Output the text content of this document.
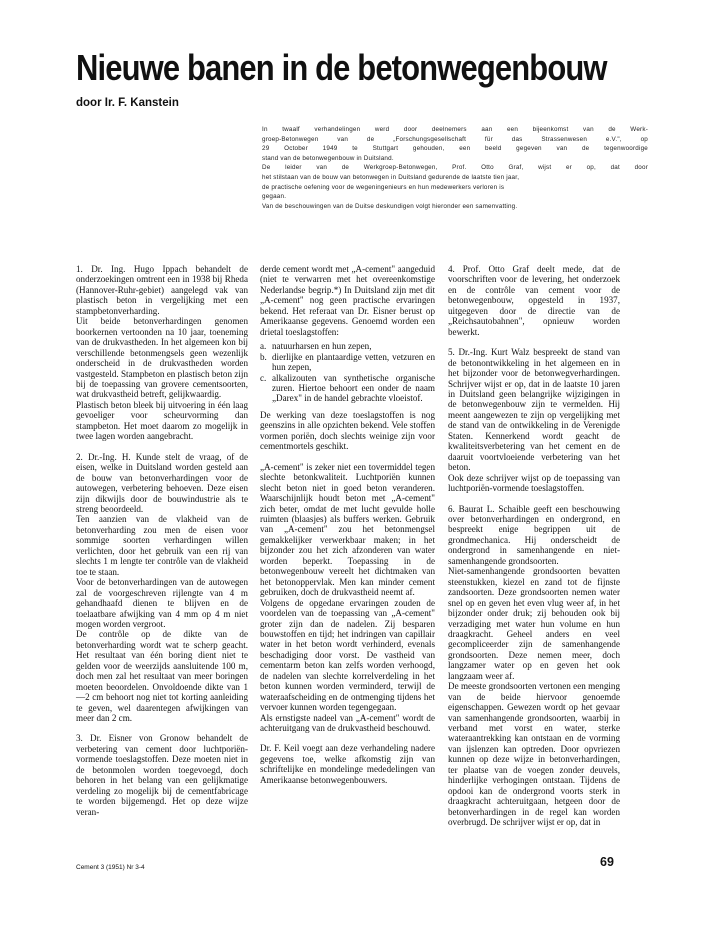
Nieuwe banen in de betonwegenbouw
door Ir. F. Kanstein

In twaalf verhandelingen werd door deelnemers aan een bijeenkomst van de Werk-

groep-Betonwegen van de „Forschungsgesellschaft für das Strassenwesen e.V.", op

29 October 1949 te Stuttgart gehouden, een beeld gegeven van de tegenwoordige

stand van de betonwegenbouw in Duitsland.

De leider van de Werkgroep-Betonwegen, Prof. Otto Graf, wijst er op, dat door

het stilstaan van de bouw van betonwegen in Duitsland gedurende de laatste tien jaar,

de practische oefening voor de wegeningenieurs en hun medewerkers verloren is

gegaan.

Van de beschouwingen van de Duitse deskundigen volgt hieronder een samenvatting.

1. Dr. Ing. Hugo Ippach behandelt de onderzoekingen omtrent een in 1938 bij Rheda (Hannover-Ruhr-gebiet) aangelegd vak van plastisch beton in vergelijking met een stampbetonverharding.

Uit beide betonverhardingen genomen boorkernen vertoonden na 10 jaar, toeneming van de drukvastheden. In het algemeen kon bij verschillende betonmengsels geen wezenlijk onderscheid in de drukvastheden worden vastgesteld. Stampbeton en plastisch beton zijn bij de toepassing van grovere cementsoorten, wat drukvastheid betreft, gelijkwaardig.

Plastisch beton bleek bij uitvoering in één laag gevoeliger voor scheurvorming dan stampbeton. Het moet daarom zo mogelijk in twee lagen worden aangebracht.

2. Dr.-Ing. H. Kunde stelt de vraag, of de eisen, welke in Duitsland worden gesteld aan de bouw van betonverhardingen voor de autowegen, verbetering behoeven. Deze eisen zijn dikwijls door de bouwindustrie als te streng beoordeeld.

Ten aanzien van de vlakheid van de betonverharding zou men de eisen voor sommige soorten verhardingen willen verlichten, door het gebruik van een rij van slechts 1 m lengte ter contrôle van de vlakheid toe te staan.

Voor de betonverhardingen van de autowegen zal de voorgeschreven rijlengte van 4 m gehandhaafd dienen te blijven en de toelaatbare afwijking van 4 mm op 4 m niet mogen worden vergroot.

De contrôle op de dikte van de betonverharding wordt wat te scherp geacht. Het resultaat van één boring dient niet te gelden voor de weerzijds aansluitende 100 m, doch men zal het resultaat van meer boringen moeten beoordelen. Onvoldoende dikte van 1—2 cm behoort nog niet tot korting aanleiding te geven, wel daarentegen afwijkingen van meer dan 2 cm.

3. Dr. Eisner von Gronow behandelt de verbetering van cement door luchtporiën-vormende toeslagstoffen. Deze moeten niet in de betonmolen worden toegevoegd, doch behoren in het belang van een gelijkmatige verdeling zo mogelijk bij de cementfabricage te worden bijgemengd. Het op deze wijze veran-

derde cement wordt met „A-cement" aangeduid (niet te verwarren met het overeenkomstige Nederlandse begrip.*) In Duitsland zijn met dit „A-cement" nog geen practische ervaringen bekend. Het referaat van Dr. Eisner berust op Amerikaanse gegevens. Genoemd worden een drietal toeslagstoffen:

a. natuurharsen en hun zepen,
b. dierlijke en plantaardige vetten, vetzuren en hun zepen,
c. alkalizouten van synthetische organische zuren. Hiertoe behoort een onder de naam „Darex" in de handel gebrachte vloeistof.

De werking van deze toeslagstoffen is nog geenszins in alle opzichten bekend. Vele stoffen vormen poriën, doch slechts weinige zijn voor cementmortels geschikt.

„A-cement" is zeker niet een tovermiddel tegen slechte betonkwaliteit. Luchtporiën kunnen slecht beton niet in goed beton veranderen. Waarschijnlijk houdt beton met „A-cement" zich beter, omdat de met lucht gevulde holle ruimten (blaasjes) als buffers werken. Gebruik van „A-cement" zou het betonmengsel gemakkelijker verwerkbaar maken; in het bijzonder zou het zich afzonderen van water worden beperkt. Toepassing in de betonwegenbouw vereelt het dichtmaken van het betonoppervlak. Men kan minder cement gebruiken, doch de drukvastheid neemt af.

Volgens de opgedane ervaringen zouden de voordelen van de toepassing van „A-cement" groter zijn dan de nadelen. Zij besparen bouwstoffen en tijd; het indringen van capillair water in het beton wordt verhinderd, evenals beschadiging door vorst. De vastheid van cementarm beton kan zelfs worden verhoogd, de nadelen van slechte korrelverdeling in het beton kunnen worden verminderd, terwijl de wateraafscheiding en de ontmenging tijdens het vervoer kunnen worden tegengegaan.

Als ernstigste nadeel van „A-cement" wordt de achteruitgang van de drukvastheid beschouwd.

Dr. F. Keil voegt aan deze verhandeling nadere gegevens toe, welke afkomstig zijn van schriftelijke en mondelinge mededelingen van Amerikaanse betonwegenbouwers.

4. Prof. Otto Graf deelt mede, dat de voorschriften voor de levering, het onderzoek en de contrôle van cement voor de betonwegenbouw, opgesteld in 1937, uitgegeven door de directie van de „Reichsautobahnen", opnieuw worden bewerkt.

5. Dr.-Ing. Kurt Walz bespreekt de stand van de betonontwikkeling in het algemeen en in het bijzonder voor de betonwegverhardingen. Schrijver wijst er op, dat in de laatste 10 jaren in Duitsland geen belangrijke wijzigingen in de betonwegenbouw zijn te vermelden. Hij meent aangewezen te zijn op vergelijking met de stand van de ontwikkeling in de Verenigde Staten. Kennerkend wordt geacht de kwaliteitsverbetering van het cement en de daaruit voortvloeiende verbetering van het beton.

Ook deze schrijver wijst op de toepassing van luchtporiën-vormende toeslagstoffen.

6. Baurat L. Schaible geeft een beschouwing over betonverhardingen en ondergrond, en bespreekt enige begrippen uit de grondmechanica. Hij onderscheidt de ondergrond in samenhangende en niet-samenhangende grondsoorten.

Niet-samenhangende grondsoorten bevatten steenstukken, kiezel en zand tot de fijnste zandsoorten. Deze grondsoorten nemen water snel op en geven het even vlug weer af, in het bijzonder onder druk; zij behouden ook bij verzadiging met water hun volume en hun draagkracht. Geheel anders en veel gecompliceerder zijn de samenhangende grondsoorten. Deze nemen meer, doch langzamer water op en geven het ook langzaam weer af.

De meeste grondsoorten vertonen een menging van de beide hiervoor genoemde eigenschappen. Gewezen wordt op het gevaar van samenhangende grondsoorten, waarbij in verband met vorst en water, sterke wateraantrekking kan ontstaan en de vorming van ijslenzen kan optreden. Door opvriezen kunnen op deze wijze in betonverhardingen, ter plaatse van de voegen zonder deuvels, hinderlijke verhogingen ontstaan. Tijdens de opdooi kan de ondergrond voorts sterk in draagkracht achteruitgaan, hetgeen door de betonverhardingen in de regel kan worden overbrugd. De schrijver wijst er op, dat in

Cement 3 (1951) Nr 3-4	69
